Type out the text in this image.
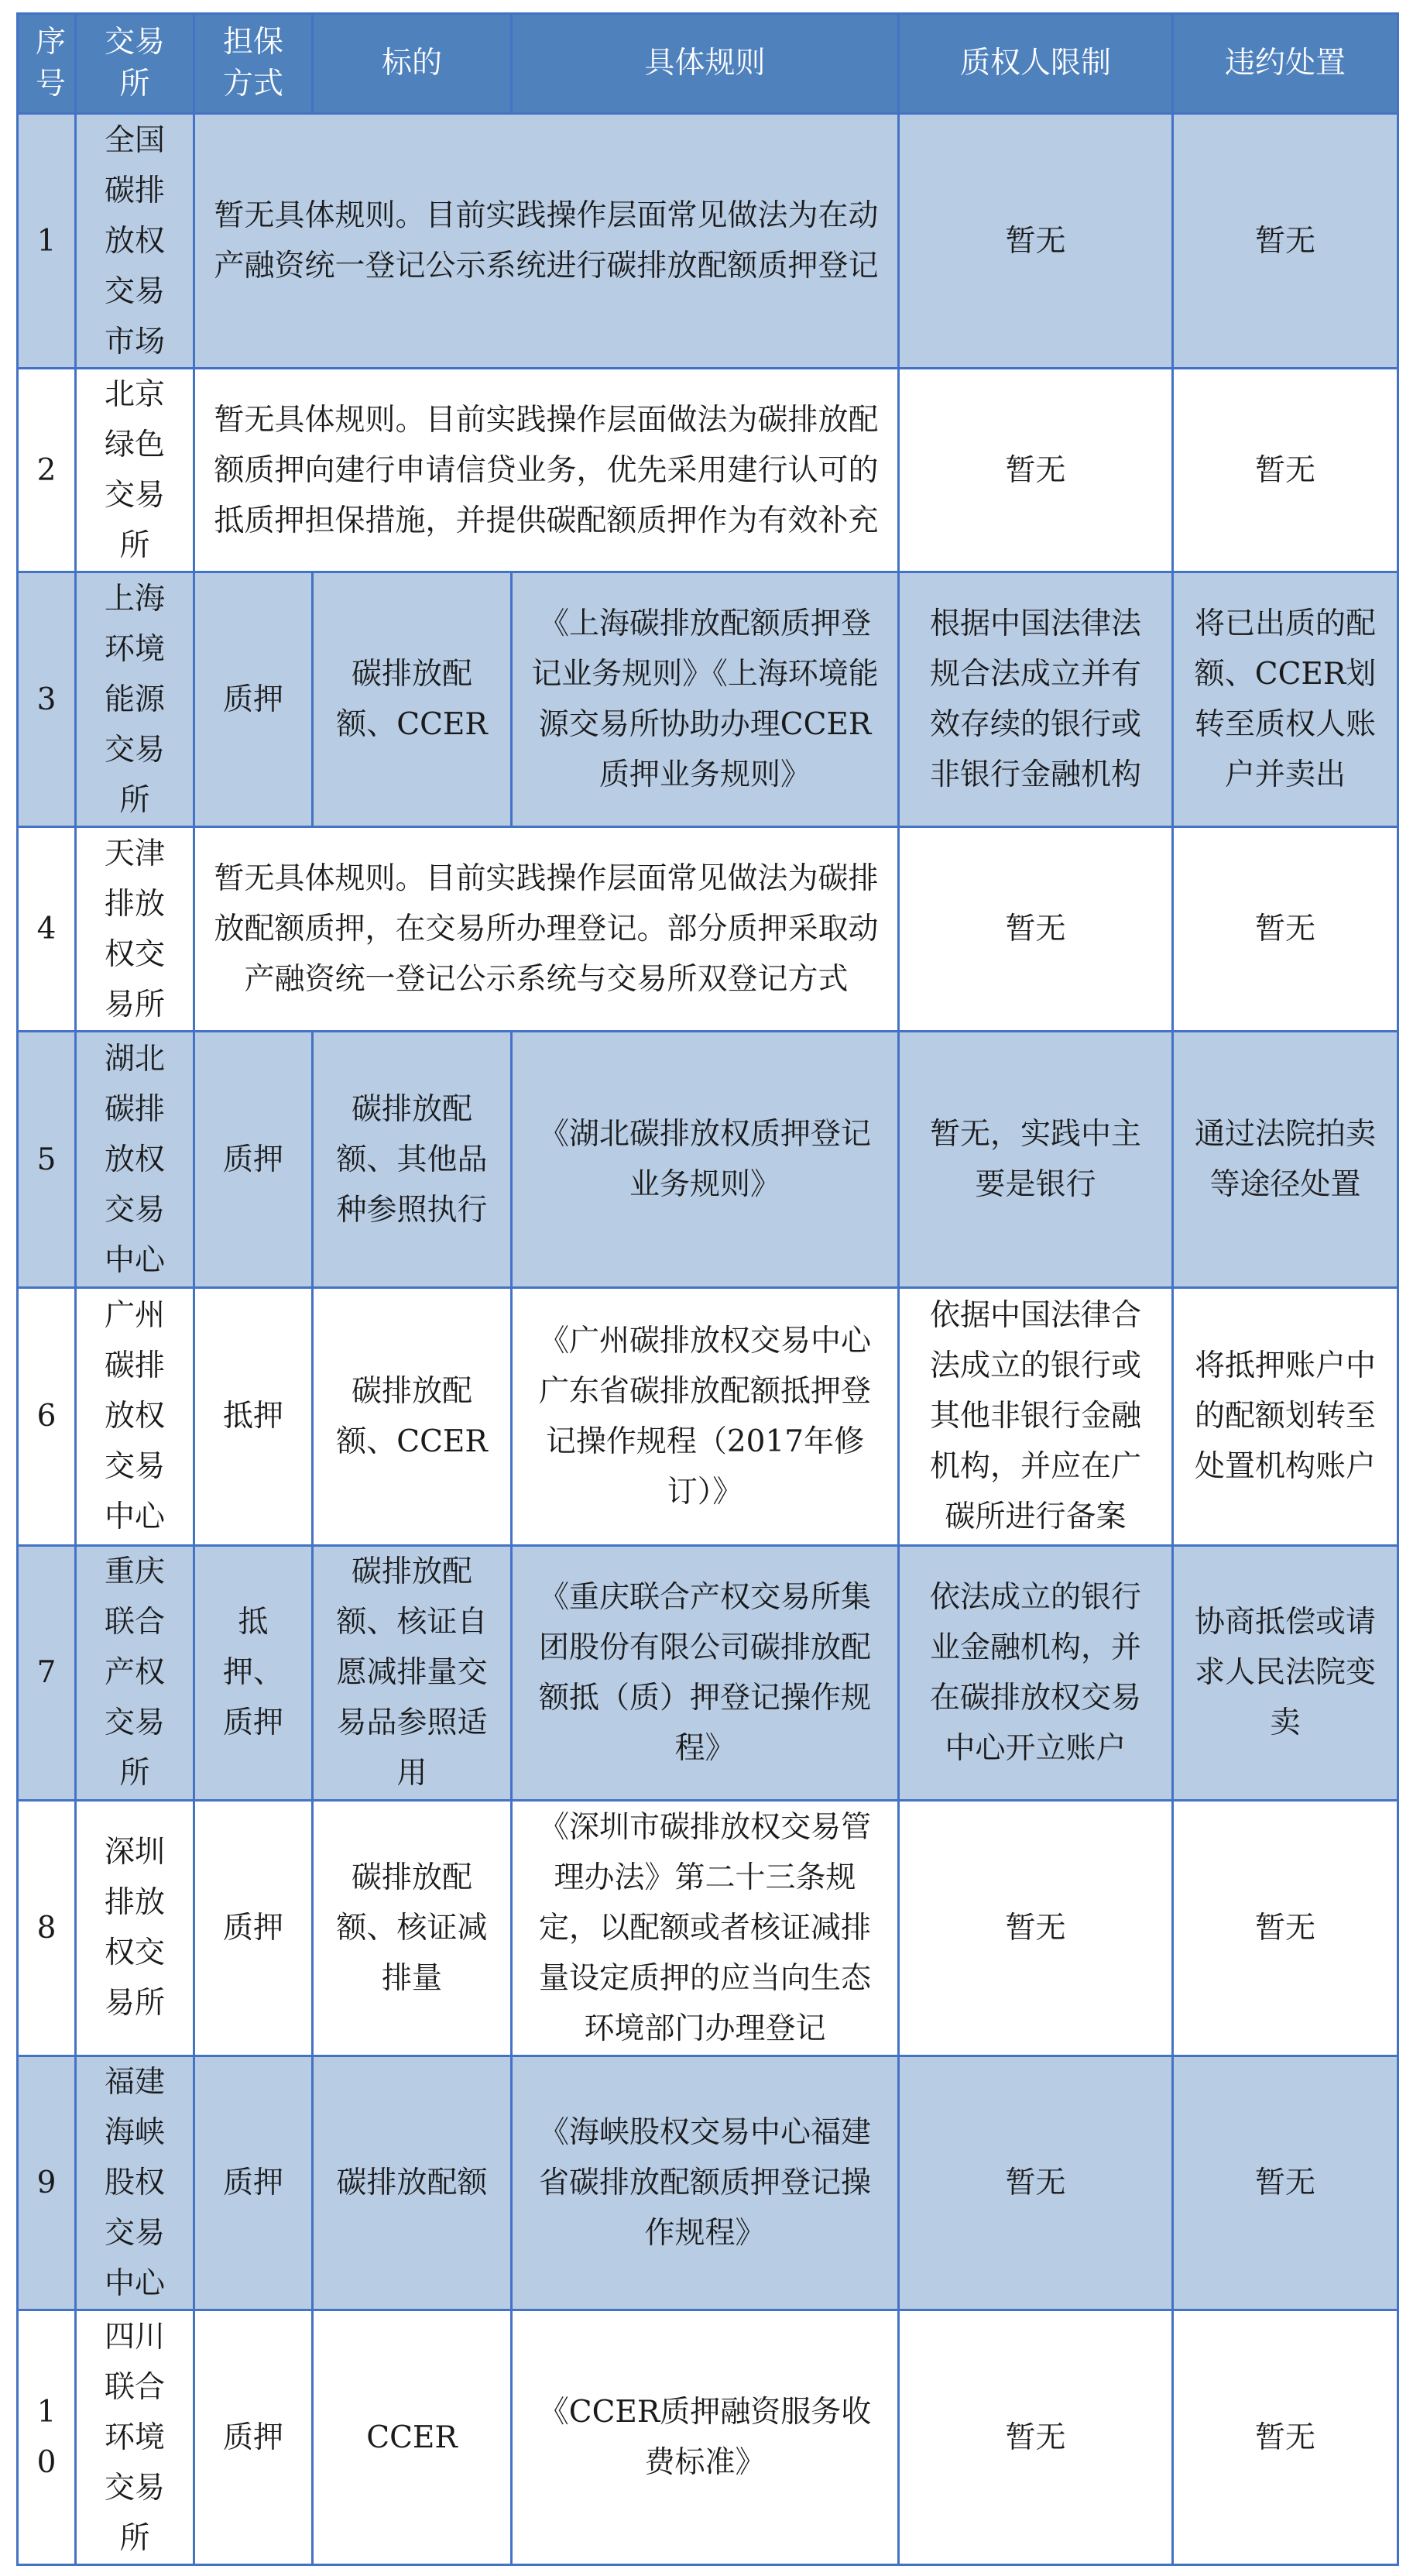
序号	交易所	担保方式	标的	具体规则	质权人限制	违约处置
1	全国碳排放权交易市场	暂无具体规则。目前实践操作层面常见做法为在动产融资统一登记公示系统进行碳排放配额质押登记			暂无	暂无
2	北京绿色交易所	暂无具体规则。目前实践操作层面做法为碳排放配额质押向建行申请信贷业务，优先采用建行认可的抵质押担保措施，并提供碳配额质押作为有效补充			暂无	暂无
3	上海环境能源交易所	质押	碳排放配额、CCER	《上海碳排放配额质押登记业务规则》《上海环境能源交易所协助办理CCER质押业务规则》	根据中国法律法规合法成立并有效存续的银行或非银行金融机构	将已出质的配额、CCER划转至质权人账户并卖出
4	天津排放权交易所	暂无具体规则。目前实践操作层面常见做法为碳排放配额质押，在交易所办理登记。部分质押采取动产融资统一登记公示系统与交易所双登记方式			暂无	暂无
5	湖北碳排放权交易中心	质押	碳排放配额、其他品种参照执行	《湖北碳排放权质押登记业务规则》	暂无，实践中主要是银行	通过法院拍卖等途径处置
6	广州碳排放权交易中心	抵押	碳排放配额、CCER	《广州碳排放权交易中心广东省碳排放配额抵押登记操作规程（2017年修订）》	依据中国法律合法成立的银行或其他非银行金融机构，并应在广碳所进行备案	将抵押账户中的配额划转至处置机构账户
7	重庆联合产权交易所	抵押、质押	碳排放配额、核证自愿减排量交易品参照适用	《重庆联合产权交易所集团股份有限公司碳排放配额抵（质）押登记操作规程》	依法成立的银行业金融机构，并在碳排放权交易中心开立账户	协商抵偿或请求人民法院变卖
8	深圳排放权交易所	质押	碳排放配额、核证减排量	《深圳市碳排放权交易管理办法》第二十三条规定，以配额或者核证减排量设定质押的应当向生态环境部门办理登记	暂无	暂无
9	福建海峡股权交易中心	质押	碳排放配额	《海峡股权交易中心福建省碳排放配额质押登记操作规程》	暂无	暂无
10	四川联合环境交易所	质押	CCER	《CCER质押融资服务收费标准》	暂无	暂无
